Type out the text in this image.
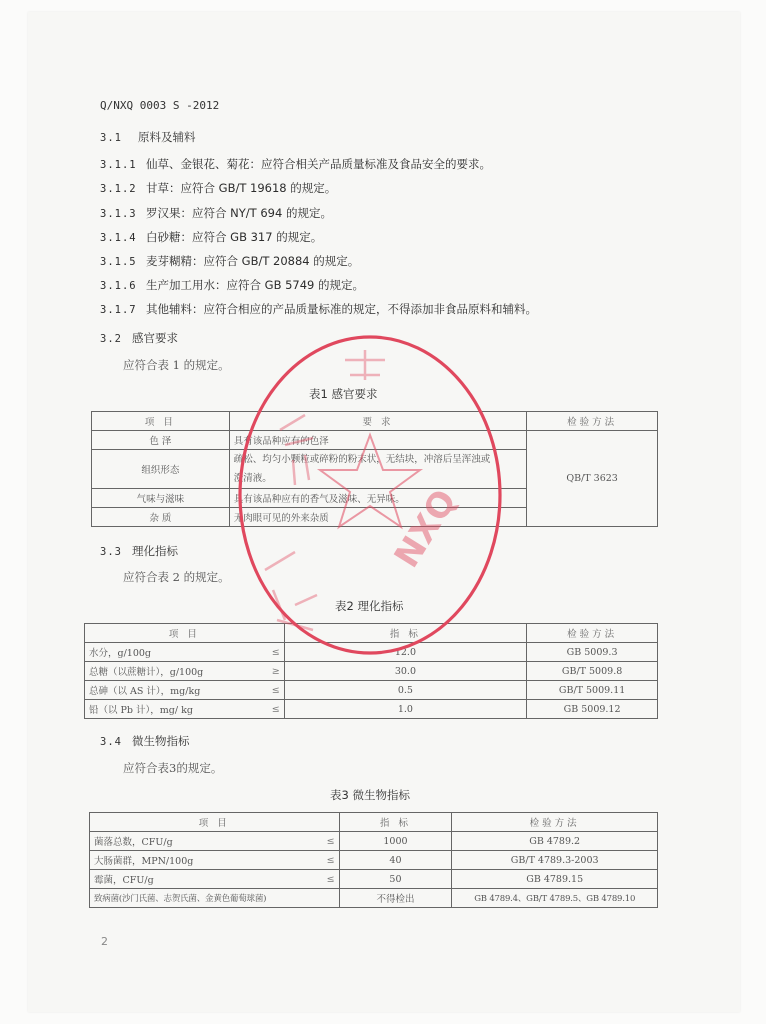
Q/NXQ 0003 S -2012
3.1 原料及辅料
3.1.1 仙草、金银花、菊花：应符合相关产品质量标准及食品安全的要求。
3.1.2 甘草：应符合 GB/T 19618 的规定。
3.1.3 罗汉果：应符合 NY/T 694 的规定。
3.1.4 白砂糖：应符合 GB 317 的规定。
3.1.5 麦芽糊精：应符合 GB/T 20884 的规定。
3.1.6 生产加工用水：应符合 GB 5749 的规定。
3.1.7 其他辅料：应符合相应的产品质量标准的规定，不得添加非食品原料和辅料。
3.2 感官要求
应符合表 1 的规定。
表1 感官要求
项 目	要 求	检验方法
色 泽	具有该品种应有的色泽	QB/T 3623
组织形态	疏松、均匀小颗粒或碎粉的粉末状，无结块，冲溶后呈浑浊或
澄清液。	
气味与滋味	具有该品种应有的香气及滋味、无异味。	
杂 质	无肉眼可见的外来杂质	
3.3 理化指标
应符合表 2 的规定。
表2 理化指标
项 目		指 标	检验方法
水分，g/100g	≤	12.0	GB 5009.3
总糖（以蔗糖计），g/100g	≥	30.0	GB/T 5009.8
总砷（以 AS 计），mg/kg	≤	0.5	GB/T 5009.11
铅（以 Pb 计），mg/ kg	≤	1.0	GB 5009.12
3.4 微生物指标
应符合表3的规定。
表3 微生物指标
项 目		指 标	检验方法
菌落总数，CFU/g	≤	1000	GB 4789.2
大肠菌群，MPN/100g	≤	40	GB/T 4789.3-2003
霉菌，CFU/g	≤	50	GB 4789.15
致病菌(沙门氏菌、志贺氏菌、金黄色葡萄球菌)		不得检出	GB 4789.4、GB/T 4789.5、GB 4789.10
NXQ
2
